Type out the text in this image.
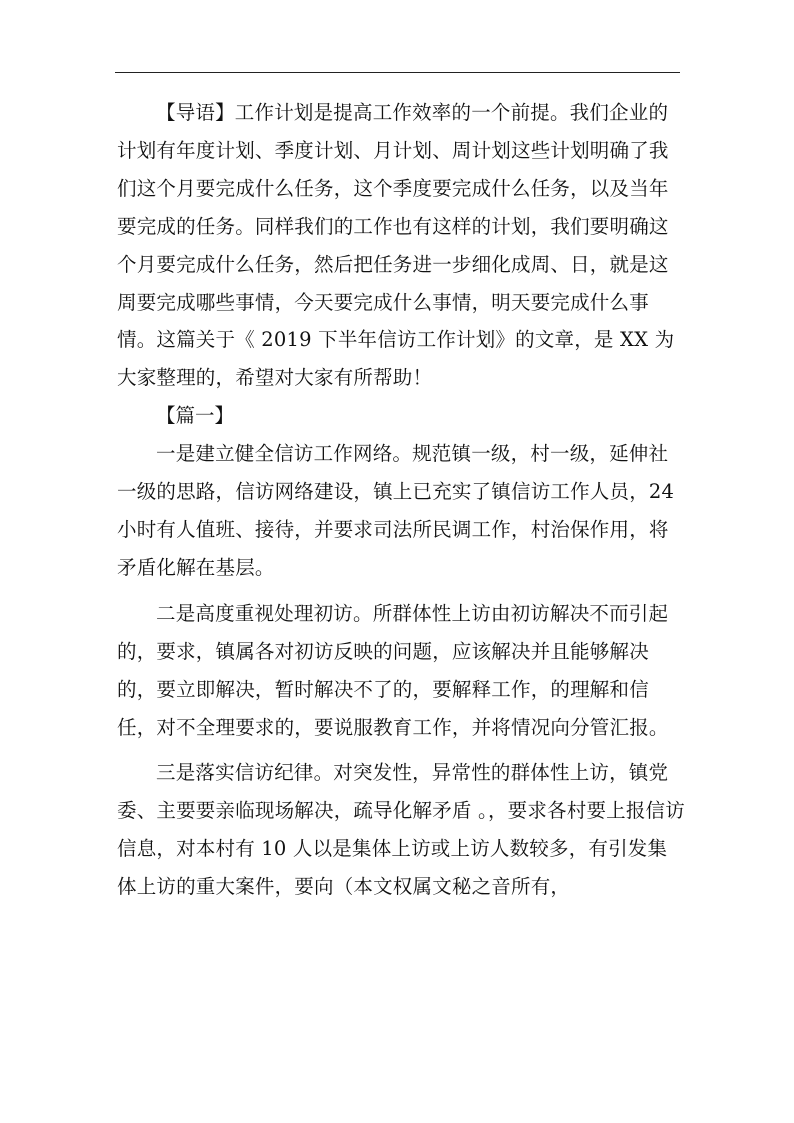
【导语】工作计划是提高工作效率的一个前提。我们企业的计划有年度计划、季度计划、月计划、周计划这些计划明确了我们这个月要完成什么任务，这个季度要完成什么任务，以及当年要完成的任务。同样我们的工作也有这样的计划，我们要明确这个月要完成什么任务，然后把任务进一步细化成周、日，就是这周要完成哪些事情，今天要完成什么事情，明天要完成什么事情。这篇关于《 2019 下半年信访工作计划》的文章，是 XX 为大家整理的，希望对大家有所帮助！

【篇一】

一是建立健全信访工作网络。规范镇一级，村一级，延伸社一级的思路，信访网络建设，镇上已充实了镇信访工作人员，24 小时有人值班、接待，并要求司法所民调工作，村治保作用，将矛盾化解在基层。

二是高度重视处理初访。所群体性上访由初访解决不而引起的，要求，镇属各对初访反映的问题，应该解决并且能够解决的，要立即解决，暂时解决不了的，要解释工作，的理解和信任，对不全理要求的，要说服教育工作，并将情况向分管汇报。

三是落实信访纪律。对突发性，异常性的群体性上访，镇党委、主要要亲临现场解决，疏导化解矛盾 。，要求各村要上报信访信息，对本村有 10 人以是集体上访或上访人数较多，有引发集体上访的重大案件，要向（本文权属文秘之音所有，
